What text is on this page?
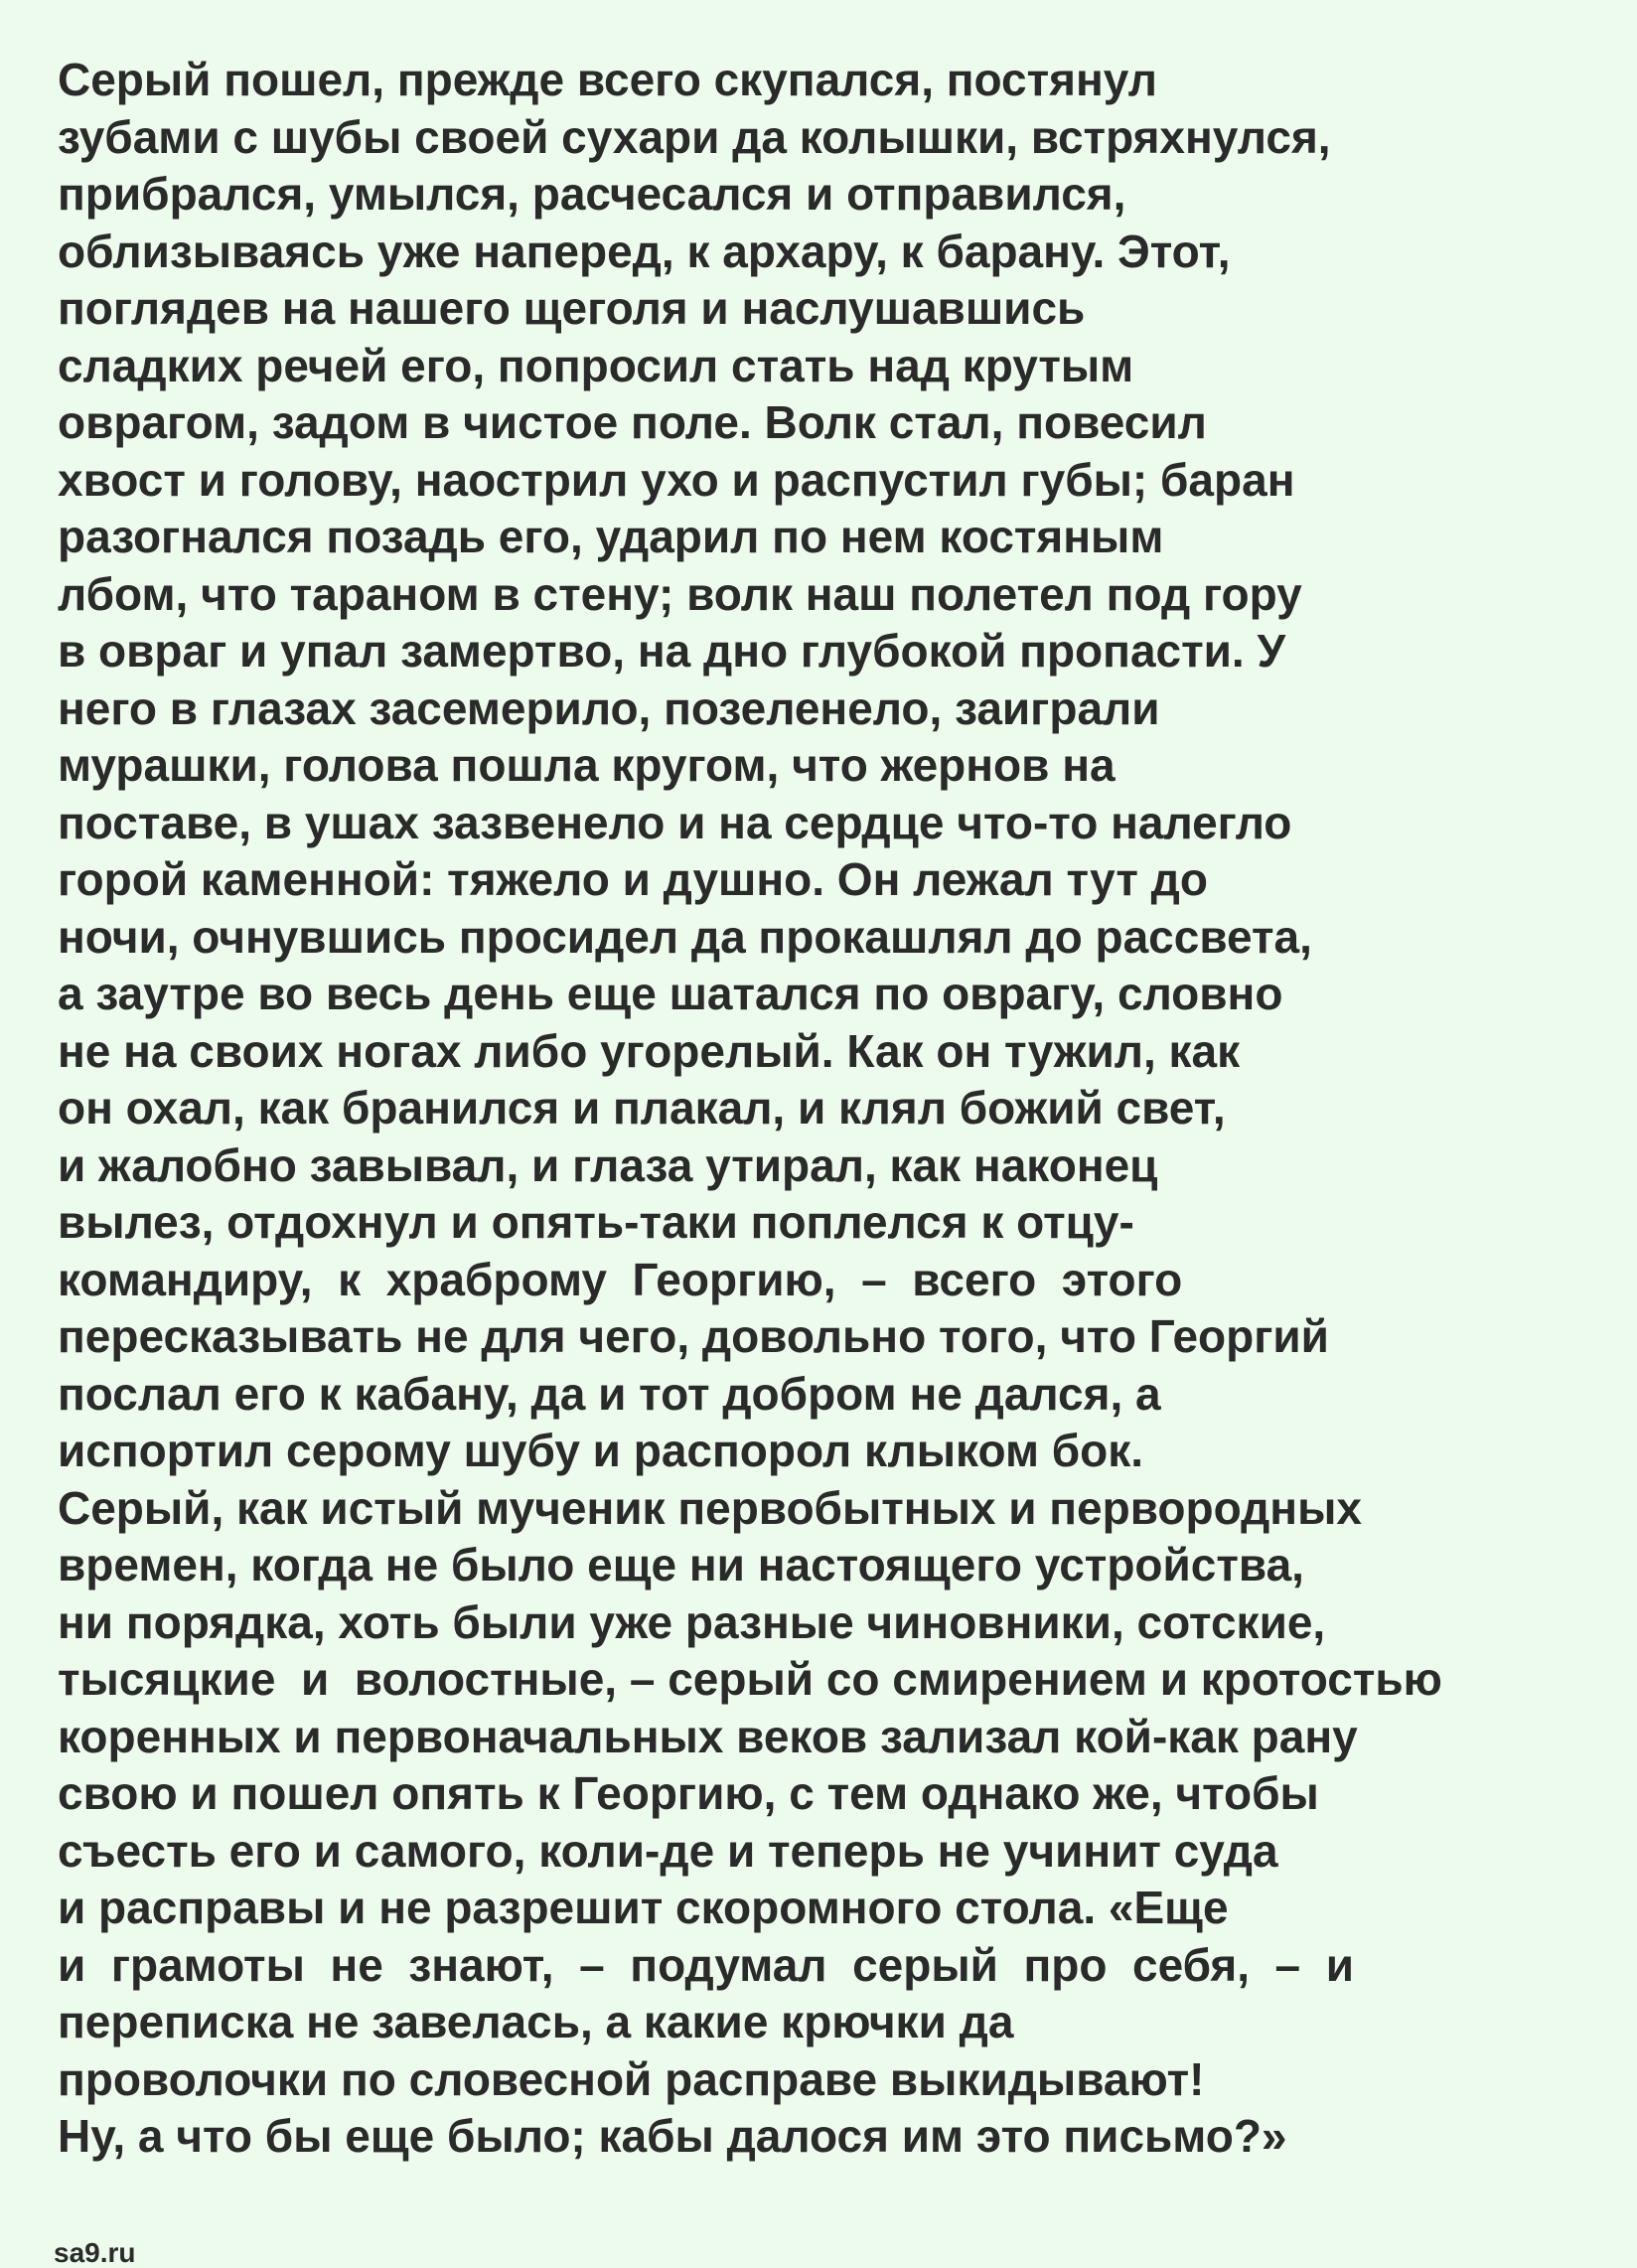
Серый пошел, прежде всего скупался, постянул
зубами с шубы своей сухари да колышки, встряхнулся,
прибрался, умылся, расчесался и отправился,
облизываясь уже наперед, к архару, к барану. Этот,
поглядев на нашего щеголя и наслушавшись
сладких речей его, попросил стать над крутым
оврагом, задом в чистое поле. Волк стал, повесил
хвост и голову, наострил ухо и распустил губы; баран
разогнался позадь его, ударил по нем костяным
лбом, что тараном в стену; волк наш полетел под гору
в овраг и упал замертво, на дно глубокой пропасти. У
него в глазах засемерило, позеленело, заиграли
мурашки, голова пошла кругом, что жернов на
поставе, в ушах зазвенело и на сердце что-то налегло
горой каменной: тяжело и душно. Он лежал тут до
ночи, очнувшись просидел да прокашлял до рассвета,
а заутре во весь день еще шатался по оврагу, словно
не на своих ногах либо угорелый. Как он тужил, как
он охал, как бранился и плакал, и клял божий свет,
и жалобно завывал, и глаза утирал, как наконец
вылез, отдохнул и опять-таки поплелся к отцу-
командиру,  к  храброму  Георгию,  –  всего  этого
пересказывать не для чего, довольно того, что Георгий
послал его к кабану, да и тот добром не дался, а
испортил серому шубу и распорол клыком бок.
Серый, как истый мученик первобытных и первородных
времен, когда не было еще ни настоящего устройства,
ни порядка, хоть были уже разные чиновники, сотские,
тысяцкие  и  волостные, – серый со смирением и кротостью
коренных и первоначальных веков зализал кой-как рану
свою и пошел опять к Георгию, с тем однако же, чтобы
съесть его и самого, коли-де и теперь не учинит суда
и расправы и не разрешит скоромного стола. «Еще
и  грамоты  не  знают,  –  подумал  серый  про  себя,  –  и
переписка не завелась, а какие крючки да
проволочки по словесной расправе выкидывают!
Ну, а что бы еще было; кабы далося им это письмо?»
sa9.ru
